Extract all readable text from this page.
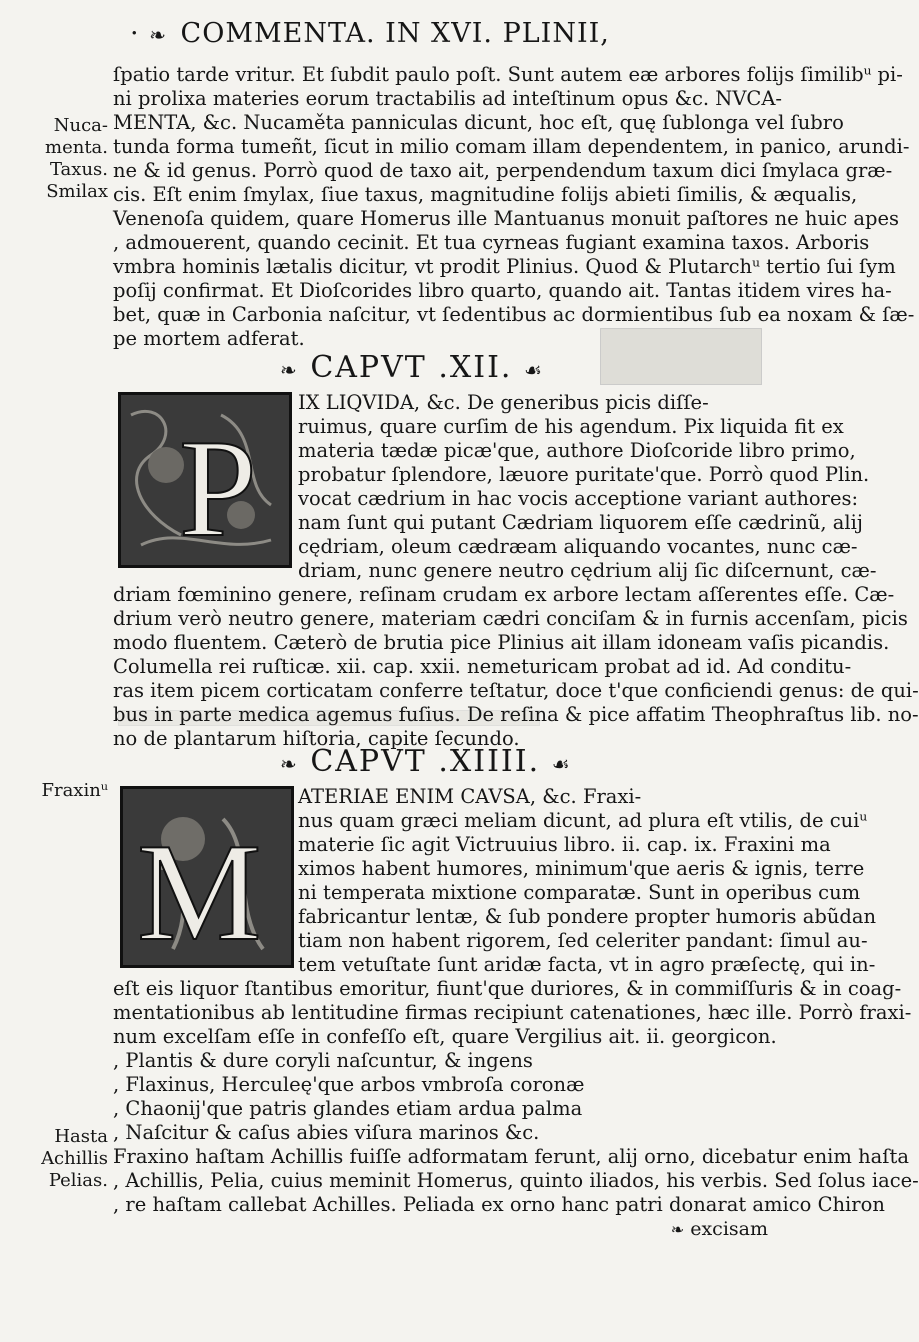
· ❧ COMMENTA. IN XVI. PLINII,
Nuca-
menta.
Taxus.
Smilax
Fraxinᵘ
Hasta
Achillis
Pelias.
ſpatio tarde vritur. Et ſubdit paulo poſt. Sunt autem eæ arbores folijs ſimilibᵘ pi-
ni prolixa materies eorum tractabilis ad inteſtinum opus &c. NVCA-
MENTA, &c. Nucaměta panniculas dicunt, hoc eſt, quę ſublonga vel ſubro
tunda forma tumeñt, ſicut in milio comam illam dependentem, in panico, arundi-
ne & id genus. Porrò quod de taxo ait, perpendendum taxum dici ſmylaca græ-
cis. Eſt enim ſmylax, ſiue taxus, magnitudine folijs abieti ſimilis, & æqualis,
Venenoſa quidem, quare Homerus ille Mantuanus monuit paſtores ne huic apes
, admouerent, quando cecinit. Et tua cyrneas fugiant examina taxos. Arboris
vmbra hominis lætalis dicitur, vt prodit Plinius. Quod & Plutarchᵘ tertio ſui ſym
poſij confirmat. Et Dioſcorides libro quarto, quando ait. Tantas itidem vires ha-
bet, quæ in Carbonia naſcitur, vt ſedentibus ac dormientibus ſub ea noxam & ſæ-
pe mortem adferat.
❧ CAPVT .XII. ☙
P
IX LIQVIDA, &c. De generibus picis diſſe-
ruimus, quare curſim de his agendum. Pix liquida fit ex
materia tædæ picæ'que, authore Dioſcoride libro primo,
probatur ſplendore, læuore puritate'que. Porrò quod Plin.
vocat cædrium in hac vocis acceptione variant authores:
nam ſunt qui putant Cædriam liquorem eſſe cædrinũ, alij
cędriam, oleum cædræam aliquando vocantes, nunc cæ-
driam, nunc genere neutro cędrium alij ſic diſcernunt, cæ-
driam fœminino genere, reſinam crudam ex arbore lectam aſſerentes eſſe. Cæ-
drium verò neutro genere, materiam cædri conciſam & in furnis accenſam, picis
modo fluentem. Cæterò de brutia pice Plinius ait illam idoneam vaſis picandis.
Columella rei ruſticæ. xii. cap. xxii. nemeturicam probat ad id. Ad conditu-
ras item picem corticatam conferre teſtatur, doce t'que conficiendi genus: de qui-
bus in parte medica agemus fuſius. De reſina & pice affatim Theophraſtus lib. no-
no de plantarum hiſtoria, capite ſecundo.
❧ CAPVT .XIIII. ☙
M
ATERIAE ENIM CAVSA, &c. Fraxi-
nus quam græci meliam dicunt, ad plura eſt vtilis, de cuiᵘ
materie ſic agit Victruuius libro. ii. cap. ix. Fraxini ma
ximos habent humores, minimum'que aeris & ignis, terre
ni temperata mixtione comparatæ. Sunt in operibus cum
fabricantur lentæ, & ſub pondere propter humoris abũdan
tiam non habent rigorem, ſed celeriter pandant: ſimul au-
tem vetuſtate ſunt aridæ facta, vt in agro præſectę, qui in-
eſt eis liquor ſtantibus emoritur, fiunt'que duriores, & in commiſſuris & in coag-
mentationibus ab lentitudine firmas recipiunt catenationes, hæc ille. Porrò fraxi-
num excelſam eſſe in confeſſo eſt, quare Vergilius ait. ii. georgicon.
, Plantis & dure coryli naſcuntur, & ingens
, Flaxinus, Herculeę'que arbos vmbroſa coronæ
, Chaonij'que patris glandes etiam ardua palma
, Naſcitur & caſus abies viſura marinos &c.
Fraxino haſtam Achillis fuiſſe adformatam ferunt, alij orno, dicebatur enim haſta
, Achillis, Pelia, cuius meminit Homerus, quinto iliados, his verbis. Sed ſolus iace-
, re haſtam callebat Achilles. Peliada ex orno hanc patri donarat amico Chiron
❧ excisam
